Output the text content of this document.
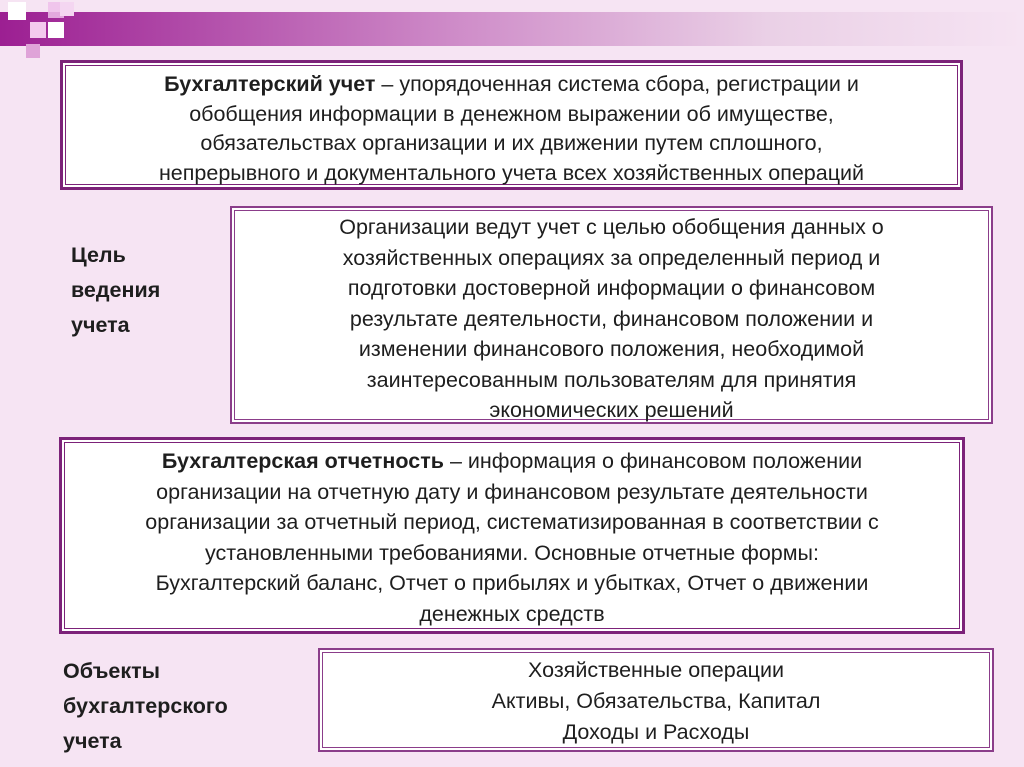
Бухгалтерский учет – упорядоченная система сбора, регистрации и
обобщения информации в денежном выражении об имуществе,
обязательствах организации и их движении путем сплошного,
непрерывного и документального учета всех хозяйственных операций
Цель
ведения
учета
Организации ведут учет с целью обобщения данных о
хозяйственных операциях за определенный период и
подготовки достоверной информации о финансовом
результате деятельности, финансовом положении и
изменении финансового положения, необходимой
заинтересованным пользователям для принятия
экономических решений
Бухгалтерская отчетность – информация о финансовом положении
организации на отчетную дату и финансовом результате деятельности
организации за отчетный период, систематизированная в соответствии с
установленными требованиями. Основные отчетные формы:
Бухгалтерский баланс, Отчет о прибылях и убытках, Отчет о движении
денежных средств
Объекты
бухгалтерского
учета
Хозяйственные операции
Активы, Обязательства, Капитал
Доходы и Расходы
